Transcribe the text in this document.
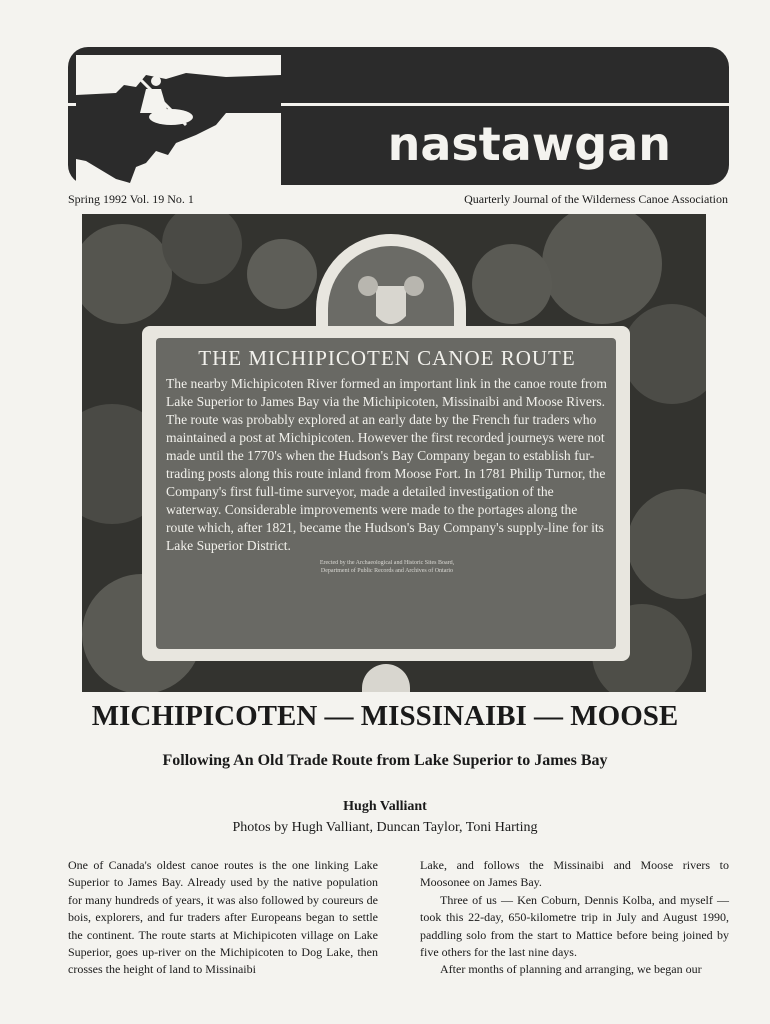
nastawgan
Spring 1992 Vol. 19 No. 1	Quarterly Journal of the Wilderness Canoe Association

THE MICHIPICOTEN CANOE ROUTE

The nearby Michipicoten River formed an important link in the canoe route from Lake Superior to James Bay via the Michipicoten, Missinaibi and Moose Rivers. The route was probably explored at an early date by the French fur traders who maintained a post at Michipicoten. However the first recorded journeys were not made until the 1770's when the Hudson's Bay Company began to establish fur-trading posts along this route inland from Moose Fort. In 1781 Philip Turnor, the Company's first full-time surveyor, made a detailed investigation of the waterway. Considerable improvements were made to the portages along the route which, after 1821, became the Hudson's Bay Company's supply-line for its Lake Superior District.

Erected by the Archaeological and Historic Sites Board,
Department of Public Records and Archives of Ontario
MICHIPICOTEN — MISSINAIBI — MOOSE
Following An Old Trade Route from Lake Superior to James Bay

Hugh Valliant

Photos by Hugh Valliant, Duncan Taylor, Toni Harting

One of Canada's oldest canoe routes is the one linking Lake Superior to James Bay. Already used by the native population for many hundreds of years, it was also followed by coureurs de bois, explorers, and fur traders after Europeans began to settle the continent. The route starts at Michipicoten village on Lake Superior, goes up-river on the Michipicoten to Dog Lake, then crosses the height of land to Missinaibi

Lake, and follows the Missinaibi and Moose rivers to Moosonee on James Bay.

Three of us — Ken Coburn, Dennis Kolba, and myself — took this 22-day, 650-kilometre trip in July and August 1990, paddling solo from the start to Mattice before being joined by five others for the last nine days.

After months of planning and arranging, we began our
